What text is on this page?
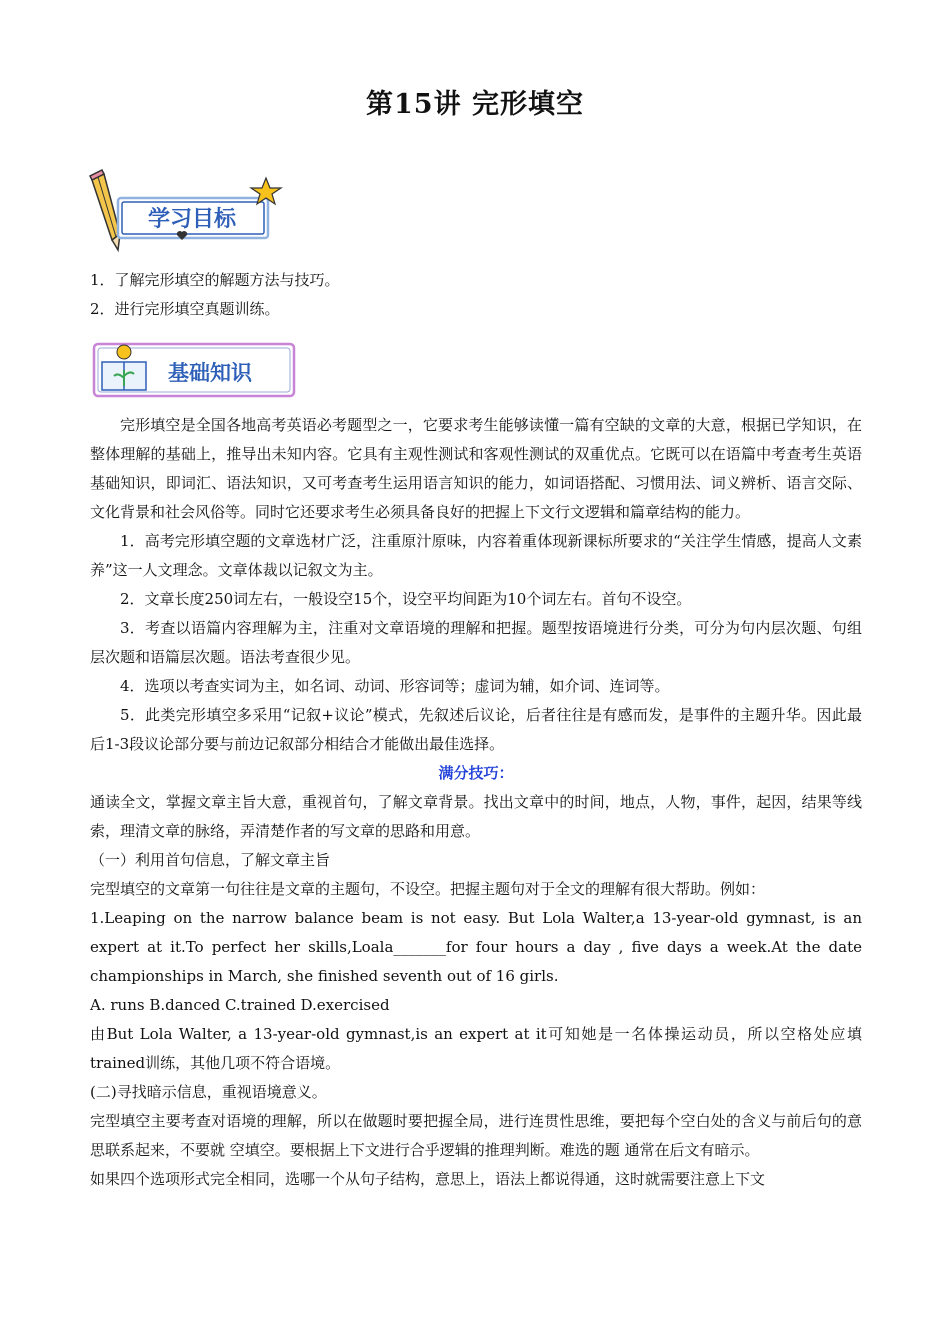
第15讲 完形填空
学习目标

1．了解完形填空的解题方法与技巧。

2．进行完形填空真题训练。

基础知识

完形填空是全国各地高考英语必考题型之一，它要求考生能够读懂一篇有空缺的文章的大意，根据已学知识，在整体理解的基础上，推导出未知内容。它具有主观性测试和客观性测试的双重优点。它既可以在语篇中考查考生英语基础知识，即词汇、语法知识，又可考查考生运用语言知识的能力，如词语搭配、习惯用法、词义辨析、语言交际、文化背景和社会风俗等。同时它还要求考生必须具备良好的把握上下文行文逻辑和篇章结构的能力。

1．高考完形填空题的文章选材广泛，注重原汁原味，内容着重体现新课标所要求的“关注学生情感，提高人文素养”这一人文理念。文章体裁以记叙文为主。

2．文章长度250词左右，一般设空15个，设空平均间距为10个词左右。首句不设空。

3．考查以语篇内容理解为主，注重对文章语境的理解和把握。题型按语境进行分类，可分为句内层次题、句组层次题和语篇层次题。语法考查很少见。

4．选项以考查实词为主，如名词、动词、形容词等；虚词为辅，如介词、连词等。

5．此类完形填空多采用“记叙+议论”模式，先叙述后议论，后者往往是有感而发，是事件的主题升华。因此最后1-3段议论部分要与前边记叙部分相结合才能做出最佳选择。

满分技巧：

通读全文，掌握文章主旨大意，重视首句，了解文章背景。找出文章中的时间，地点，人物，事件，起因，结果等线索，理清文章的脉络，弄清楚作者的写文章的思路和用意。

（一）利用首句信息，了解文章主旨

完型填空的文章第一句往往是文章的主题句，不设空。把握主题句对于全文的理解有很大帮助。例如：

1.Leaping on the narrow balance beam is not easy. But Lola Walter,a 13-year-old gymnast, is an expert at it.To perfect her skills,Loala_______for four hours a day , five days a week.At the date championships in March, she finished seventh out of 16 girls.

A. runs B.danced C.trained D.exercised

由But Lola Walter, a 13-year-old gymnast,is an expert at it可知她是一名体操运动员，所以空格处应填trained训练，其他几项不符合语境。

(二)寻找暗示信息，重视语境意义。

完型填空主要考查对语境的理解，所以在做题时要把握全局，进行连贯性思维，要把每个空白处的含义与前后句的意思联系起来，不要就 空填空。要根据上下文进行合乎逻辑的推理判断。难选的题 通常在后文有暗示。

如果四个选项形式完全相同，选哪一个从句子结构，意思上，语法上都说得通，这时就需要注意上下文
